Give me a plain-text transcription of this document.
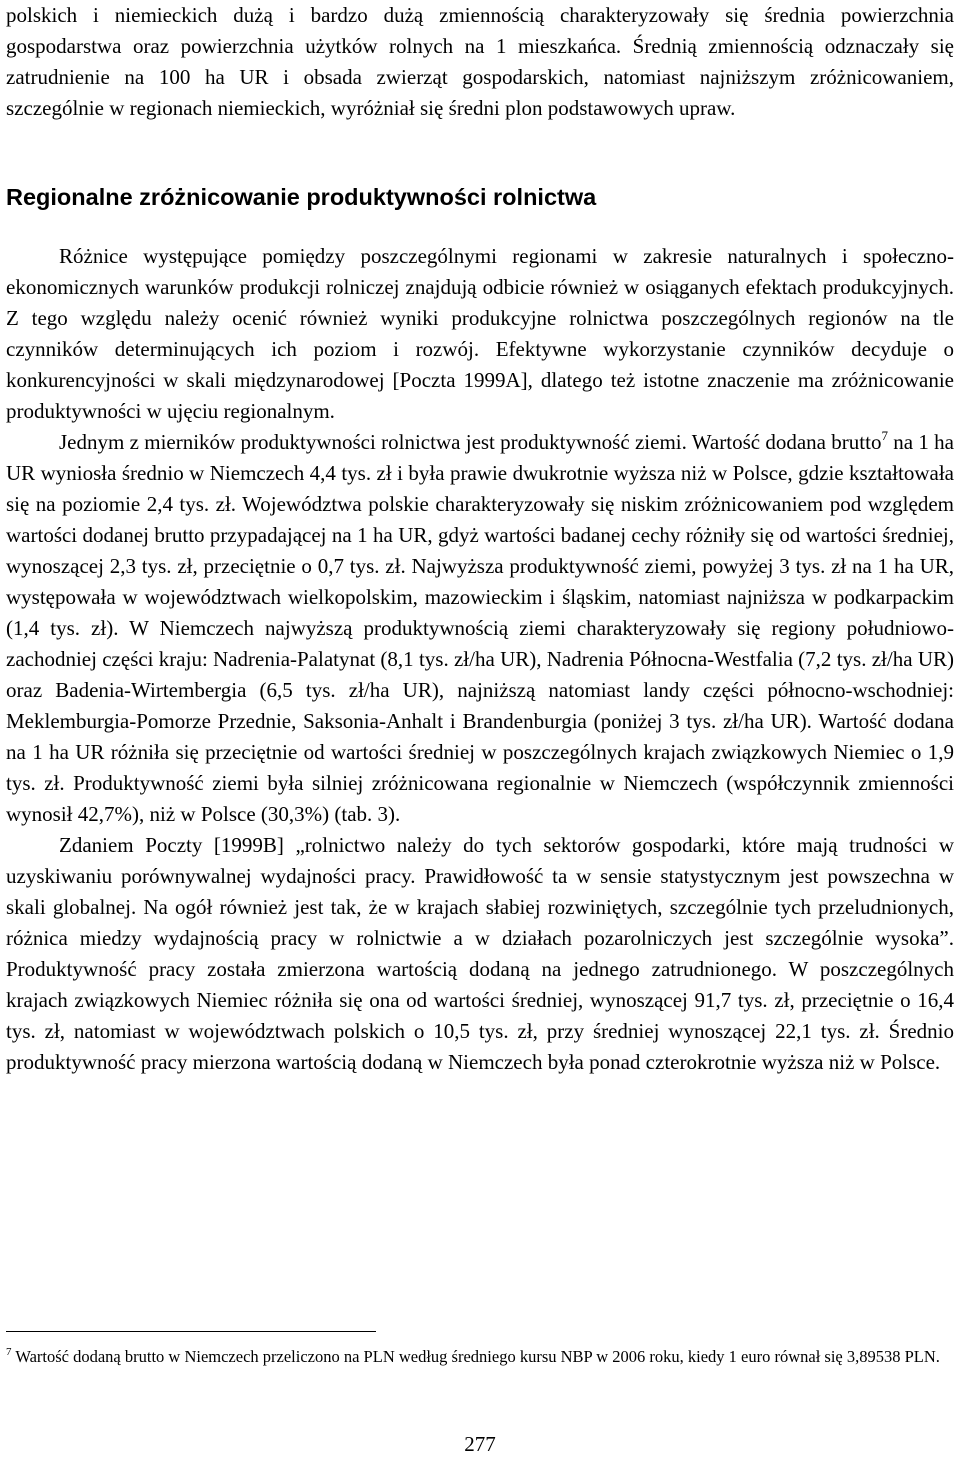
polskich i niemieckich dużą i bardzo dużą zmiennością charakteryzowały się średnia powierzchnia gospodarstwa oraz powierzchnia użytków rolnych na 1 mieszkańca. Średnią zmiennością odznaczały się zatrudnienie na 100 ha UR i obsada zwierząt gospodarskich, natomiast najniższym zróżnicowaniem, szczególnie w regionach niemieckich, wyróżniał się średni plon podstawowych upraw.

Regionalne zróżnicowanie produktywności rolnictwa

Różnice występujące pomiędzy poszczególnymi regionami w zakresie naturalnych i społeczno-ekonomicznych warunków produkcji rolniczej znajdują odbicie również w osiąganych efektach produkcyjnych. Z tego względu należy ocenić również wyniki produkcyjne rolnictwa poszczególnych regionów na tle czynników determinujących ich poziom i rozwój. Efektywne wykorzystanie czynników decyduje o konkurencyjności w skali międzynarodowej [Poczta 1999A], dlatego też istotne znaczenie ma zróżnicowanie produktywności w ujęciu regionalnym.

Jednym z mierników produktywności rolnictwa jest produktywność ziemi. Wartość dodana brutto$^7$ na 1 ha UR wyniosła średnio w Niemczech 4,4 tys. zł i była prawie dwukrotnie wyższa niż w Polsce, gdzie kształtowała się na poziomie 2,4 tys. zł. Województwa polskie charakteryzowały się niskim zróżnicowaniem pod względem wartości dodanej brutto przypadającej na 1 ha UR, gdyż wartości badanej cechy różniły się od wartości średniej, wynoszącej 2,3 tys. zł, przeciętnie o 0,7 tys. zł. Najwyższa produktywność ziemi, powyżej 3 tys. zł na 1 ha UR, występowała w województwach wielkopolskim, mazowieckim i śląskim, natomiast najniższa w podkarpackim (1,4 tys. zł). W Niemczech najwyższą produktywnością ziemi charakteryzowały się regiony południowo-zachodniej części kraju: Nadrenia-Palatynat (8,1 tys. zł/ha UR), Nadrenia Północna-Westfalia (7,2 tys. zł/ha UR) oraz Badenia-Wirtembergia (6,5 tys. zł/ha UR), najniższą natomiast landy części północno-wschodniej: Meklemburgia-Pomorze Przednie, Saksonia-Anhalt i Brandenburgia (poniżej 3 tys. zł/ha UR). Wartość dodana na 1 ha UR różniła się przeciętnie od wartości średniej w poszczególnych krajach związkowych Niemiec o 1,9 tys. zł. Produktywność ziemi była silniej zróżnicowana regionalnie w Niemczech (współczynnik zmienności wynosił 42,7%), niż w Polsce (30,3%) (tab. 3).

Zdaniem Poczty [1999B] „rolnictwo należy do tych sektorów gospodarki, które mają trudności w uzyskiwaniu porównywalnej wydajności pracy. Prawidłowość ta w sensie statystycznym jest powszechna w skali globalnej. Na ogół również jest tak, że w krajach słabiej rozwiniętych, szczególnie tych przeludnionych, różnica miedzy wydajnością pracy w rolnictwie a w działach pozarolniczych jest szczególnie wysoka”. Produktywność pracy została zmierzona wartością dodaną na jednego zatrudnionego. W poszczególnych krajach związkowych Niemiec różniła się ona od wartości średniej, wynoszącej 91,7 tys. zł, przeciętnie o 16,4 tys. zł, natomiast w województwach polskich o 10,5 tys. zł, przy średniej wynoszącej 22,1 tys. zł. Średnio produktywność pracy mierzona wartością dodaną w Niemczech była ponad czterokrotnie wyższa niż w Polsce.

$^7$ Wartość dodaną brutto w Niemczech przeliczono na PLN według średniego kursu NBP w 2006 roku, kiedy 1 euro równał się 3,89538 PLN.

277
